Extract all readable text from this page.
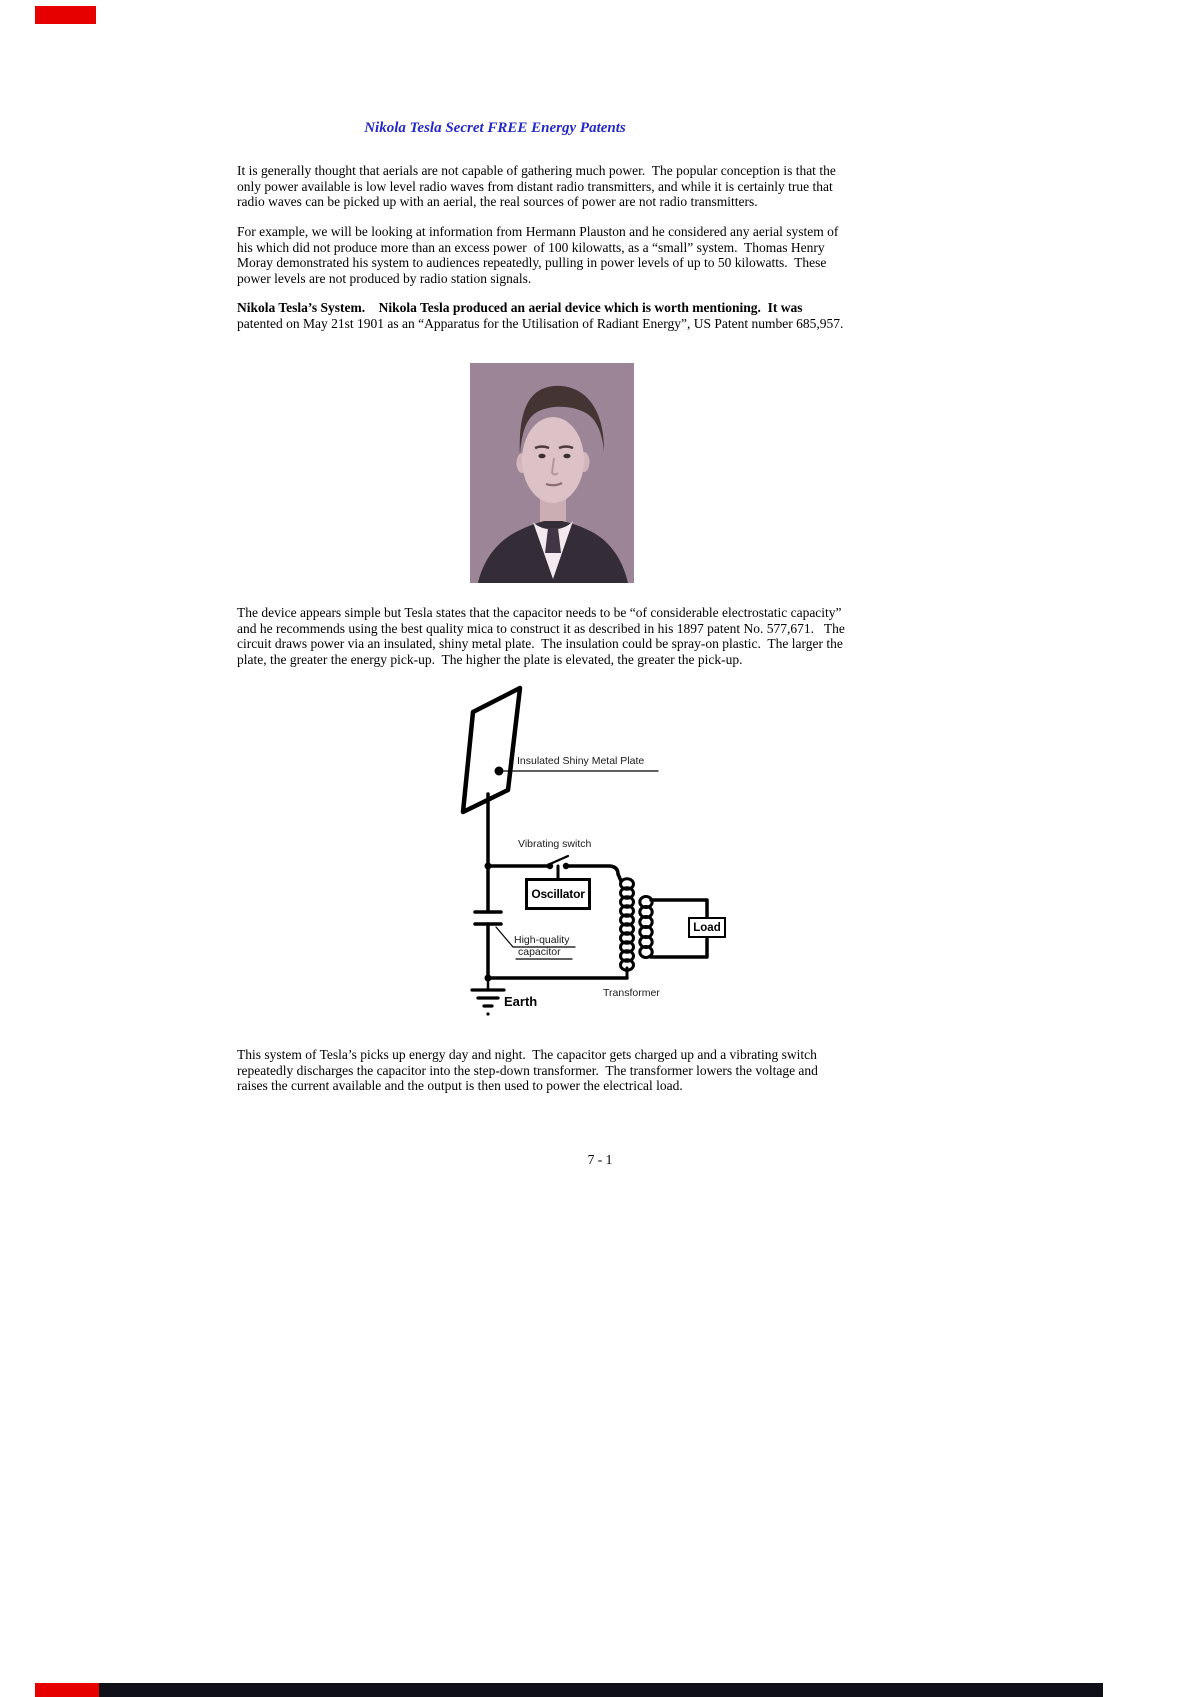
Nikola Tesla Secret FREE Energy Patents

It is generally thought that aerials are not capable of gathering much power.  The popular conception is that the only power available is low level radio waves from distant radio transmitters, and while it is certainly true that radio waves can be picked up with an aerial, the real sources of power are not radio transmitters.

For example, we will be looking at information from Hermann Plauston and he considered any aerial system of his which did not produce more than an excess power  of 100 kilowatts, as a “small” system.  Thomas Henry Moray demonstrated his system to audiences repeatedly, pulling in power levels of up to 50 kilowatts.  These power levels are not produced by radio station signals.

Nikola Tesla’s System.    Nikola Tesla produced an aerial device which is worth mentioning.  It was patented on May 21st 1901 as an “Apparatus for the Utilisation of Radiant Energy”, US Patent number 685,957.

The device appears simple but Tesla states that the capacitor needs to be “of considerable electrostatic capacity” and he recommends using the best quality mica to construct it as described in his 1897 patent No. 577,671.   The circuit draws power via an insulated, shiny metal plate.  The insulation could be spray-on plastic.  The larger the plate, the greater the energy pick-up.  The higher the plate is elevated, the greater the pick-up.

Insulated Shiny Metal Plate
Vibrating switch
Oscillator
High-quality
capacitor
Load
Earth
Transformer

This system of Tesla’s picks up energy day and night.  The capacitor gets charged up and a vibrating switch repeatedly discharges the capacitor into the step-down transformer.  The transformer lowers the voltage and raises the current available and the output is then used to power the electrical load.

7 - 1
